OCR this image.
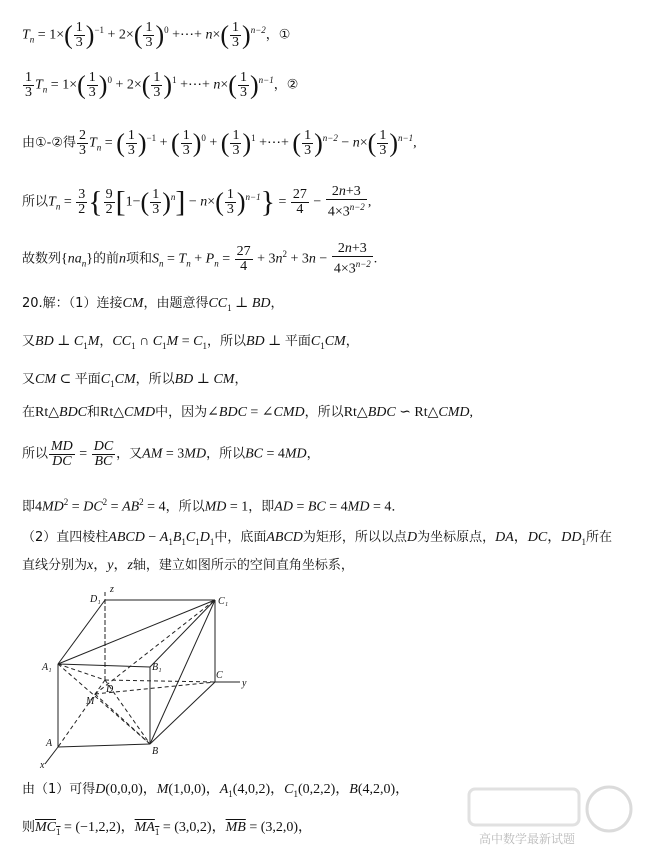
$T_n = 1\times( \frac{1}{3} )^{-1} + 2\times( \frac{1}{3} )^0$ +⋯+ $n\times( \frac{1}{3} )^{n-2}$，①
$\frac{1}{3} T_n = 1\times( \frac{1}{3} )^0 + 2\times( \frac{1}{3} )^1$ +⋯+ $n\times( \frac{1}{3} )^{n-1}$，②
由①-②得 $\frac{2}{3} T_n$ = ( $\frac{1}{3} )^{-1}$ + ( $\frac{1}{3} )^0$ + ( $\frac{1}{3} )^1$ +⋯+ ( $\frac{1}{3} )^{n-2} - n\times( \frac{1}{3} )^{n-1}$,
所以$T_n = \frac{3}{2}$ { $\frac{9}{2} [1-( \frac{1}{3} )^n] - n\times( \frac{1}{3} )^{n-1}\} = \frac{27}{4} - \frac{2n+3}{4\times 3^{n-2}}$ ,
故数列$\{na_n\}$的前n项和$S_n = T_n + P_n = \frac{27}{4} + 3n^2 + 3n - \frac{2n+3}{4\times 3^{n-2}}$ .
20.解：（1）连接CM，由题意得$CC_1$ ⊥ BD，
又BD ⊥ $C_1M$，$CC_1$ ∩ $C_1M = C_1$，所以BD ⊥ 平面$C_1CM$，
又CM ⊂ 平面$C_1CM$，所以BD ⊥ CM，
在Rt△BDC和Rt△CMD中，因为∠BDC = ∠CMD，所以Rt△BDC ∽ Rt△CMD,
所以 $\frac{MD}{DC} = \frac{DC}{BC}$ ，又AM = 3MD，所以BC = 4MD，
即$4MD^2 = DC^2 = AB^2 = 4$，所以MD = 1，即AD = BC = 4MD = 4．
（2）直四棱柱ABCD − $A_1B_1C_1D_1$中，底面ABCD为矩形，所以以点D为坐标原点，DA，DC，$DD_1$所在
直线分别为x，y，z轴，建立如图所示的空间直角坐标系，
z
D₁	C₁
A₁	B₁
D
C
y
M
A
B
x
由（1）可得D(0,0,0)，M(1,0,0)，$A_1(4,0,2)$，$C_1(0,2,2)$，B(4,2,0)，
则$\overline{MC}_1 = (-1,2,2)$，$\overline{MA}_1 = (3,0,2)$，$\overline{MB} = (3,2,0)$，
高中数学最新试题
